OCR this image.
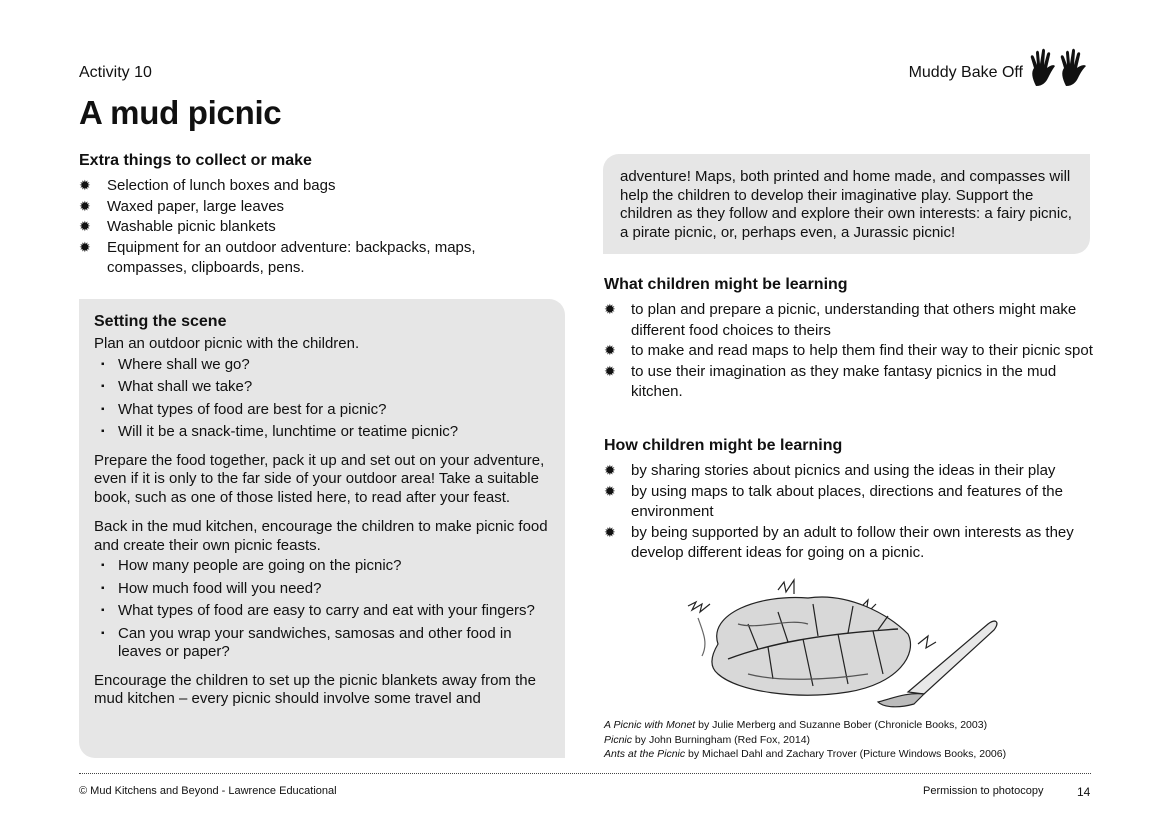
Activity 10
A mud picnic
Muddy Bake Off
Extra things to collect or make
✹ Selection of lunch boxes and bags
✹ Waxed paper, large leaves
✹ Washable picnic blankets
✹ Equipment for an outdoor adventure: backpacks, maps, compasses, clipboards, pens.
Setting the scene

Plan an outdoor picnic with the children.

▪ Where shall we go?
▪ What shall we take?
▪ What types of food are best for a picnic?
▪ Will it be a snack-time, lunchtime or teatime picnic?

Prepare the food together, pack it up and set out on your adventure, even if it is only to the far side of your outdoor area! Take a suitable book, such as one of those listed here, to read after your feast.

Back in the mud kitchen, encourage the children to make picnic food and create their own picnic feasts.

▪ How many people are going on the picnic?
▪ How much food will you need?
▪ What types of food are easy to carry and eat with your fingers?
▪ Can you wrap your sandwiches, samosas and other food in leaves or paper?

Encourage the children to set up the picnic blankets away from the mud kitchen – every picnic should involve some travel and

adventure! Maps, both printed and home made, and compasses will help the children to develop their imaginative play. Support the children as they follow and explore their own interests: a fairy picnic, a pirate picnic, or, perhaps even, a Jurassic picnic!
What children might be learning
✹ to plan and prepare a picnic, understanding that others might make different food choices to theirs
✹ to make and read maps to help them find their way to their picnic spot
✹ to use their imagination as they make fantasy picnics in the mud kitchen.
How children might be learning
✹ by sharing stories about picnics and using the ideas in their play
✹ by using maps to talk about places, directions and features of the environment
✹ by being supported by an adult to follow their own interests as they develop different ideas for going on a picnic.
A Picnic with Monet by Julie Merberg and Suzanne Bober (Chronicle Books, 2003)
Picnic by John Burningham (Red Fox, 2014)
Ants at the Picnic by Michael Dahl and Zachary Trover (Picture Windows Books, 2006)
© Mud Kitchens and Beyond - Lawrence Educational	Permission to photocopy	14
